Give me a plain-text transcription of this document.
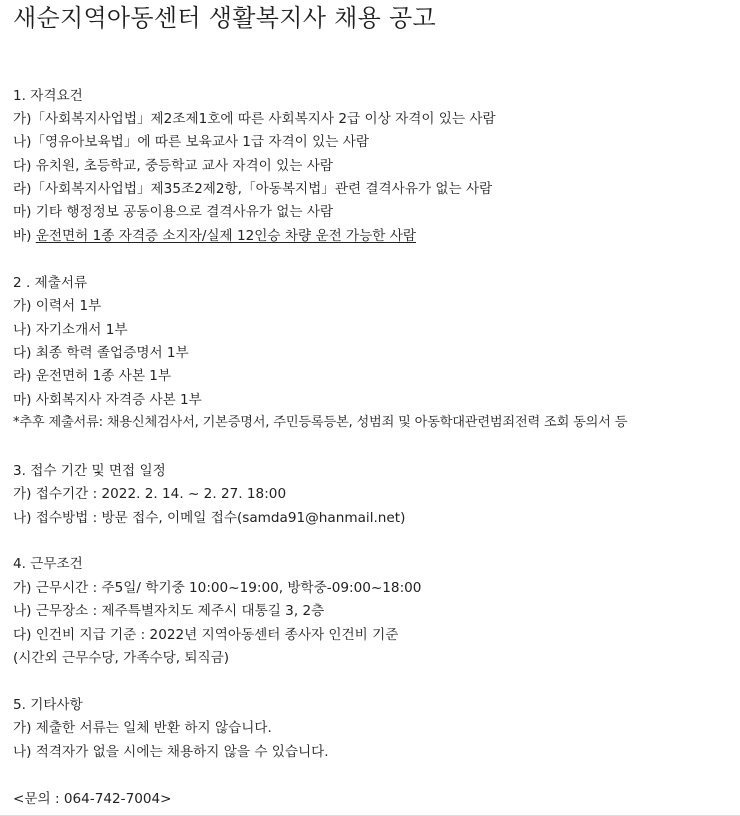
새순지역아동센터 생활복지사 채용 공고
1. 자격요건
가)「사회복지사업법」제2조제1호에 따른 사회복지사 2급 이상 자격이 있는 사람
나)「영유아보육법」에 따른 보육교사 1급 자격이 있는 사람
다) 유치원, 초등학교, 중등학교 교사 자격이 있는 사람
라)「사회복지사업법」제35조2제2항,「아동복지법」관련 결격사유가 없는 사람
마) 기타 행정정보 공동이용으로 결격사유가 없는 사람
바) 운전면허 1종 자격증 소지자/실제 12인승 차량 운전 가능한 사람
2 . 제출서류
가) 이력서 1부
나) 자기소개서 1부
다) 최종 학력 졸업증명서 1부
라) 운전면허 1종 사본 1부
마) 사회복지사 자격증 사본 1부
*추후 제출서류: 채용신체검사서, 기본증명서, 주민등록등본, 성범죄 및 아동학대관련범죄전력 조회 동의서 등
3. 접수 기간 및 면접 일정
가) 접수기간 : 2022. 2. 14. ~ 2. 27. 18:00
나) 접수방법 : 방문 접수, 이메일 접수(samda91@hanmail.net)
4. 근무조건
가) 근무시간 : 주5일/ 학기중 10:00~19:00, 방학중-09:00~18:00
나) 근무장소 : 제주특별자치도 제주시 대통길 3, 2층
다) 인건비 지급 기준 : 2022년 지역아동센터 종사자 인건비 기준
(시간외 근무수당, 가족수당, 퇴직금)
5. 기타사항
가) 제출한 서류는 일체 반환 하지 않습니다.
나) 적격자가 없을 시에는 채용하지 않을 수 있습니다.
<문의 : 064-742-7004>
